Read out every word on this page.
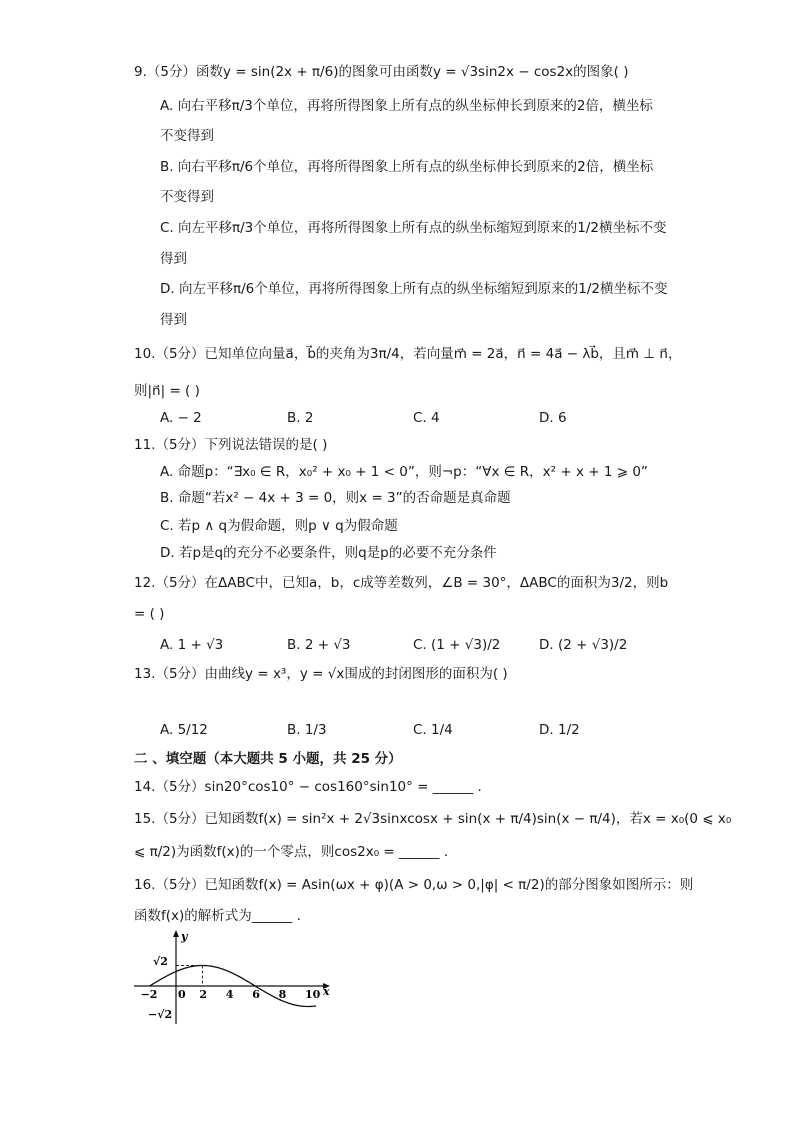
9.（5分）函数y = sin(2x + π/6)的图象可由函数y = √3sin2x − cos2x的图象( )
A. 向右平移π/3个单位，再将所得图象上所有点的纵坐标伸长到原来的2倍，横坐标
不变得到
B. 向右平移π/6个单位，再将所得图象上所有点的纵坐标伸长到原来的2倍，横坐标
不变得到
C. 向左平移π/3个单位，再将所得图象上所有点的纵坐标缩短到原来的1/2横坐标不变
得到
D. 向左平移π/6个单位，再将所得图象上所有点的纵坐标缩短到原来的1/2横坐标不变
得到
10.（5分）已知单位向量a⃗，b⃗的夹角为3π/4，若向量m⃗ = 2a⃗，n⃗ = 4a⃗ − λb⃗，且m⃗ ⊥ n⃗，
则|n⃗| = ( )
A. − 2	B. 2	C. 4	D. 6
11.（5分）下列说法错误的是( )
A. 命题p：“∃x₀ ∈ R，x₀² + x₀ + 1 < 0”，则¬p：“∀x ∈ R，x² + x + 1 ⩾ 0”
B. 命题“若x² − 4x + 3 = 0，则x = 3”的否命题是真命题
C. 若p ∧ q为假命题，则p ∨ q为假命题
D. 若p是q的充分不必要条件，则q是p的必要不充分条件
12.（5分）在ΔABC中，已知a，b，c成等差数列，∠B = 30°，ΔABC的面积为3/2，则b
= ( )
A. 1 + √3	B. 2 + √3	C. (1 + √3)/2	D. (2 + √3)/2
13.（5分）由曲线y = x³，y = √x围成的封闭图形的面积为( )
A. 5/12	B. 1/3	C. 1/4	D. 1/2
二 、填空题（本大题共 5 小题，共 25 分）
14.（5分）sin20°cos10° − cos160°sin10° = ______ .
15.（5分）已知函数f(x) = sin²x + 2√3sinxcosx + sin(x + π/4)sin(x − π/4)，若x = x₀(0 ⩽ x₀
⩽ π/2)为函数f(x)的一个零点，则cos2x₀ = ______ .
16.（5分）已知函数f(x) = Asin(ωx + φ)(A > 0,ω > 0,|φ| < π/2)的部分图象如图所示：则
函数f(x)的解析式为______ .
y
x
0
√2
−√2
−2	2 4 6 8 10
